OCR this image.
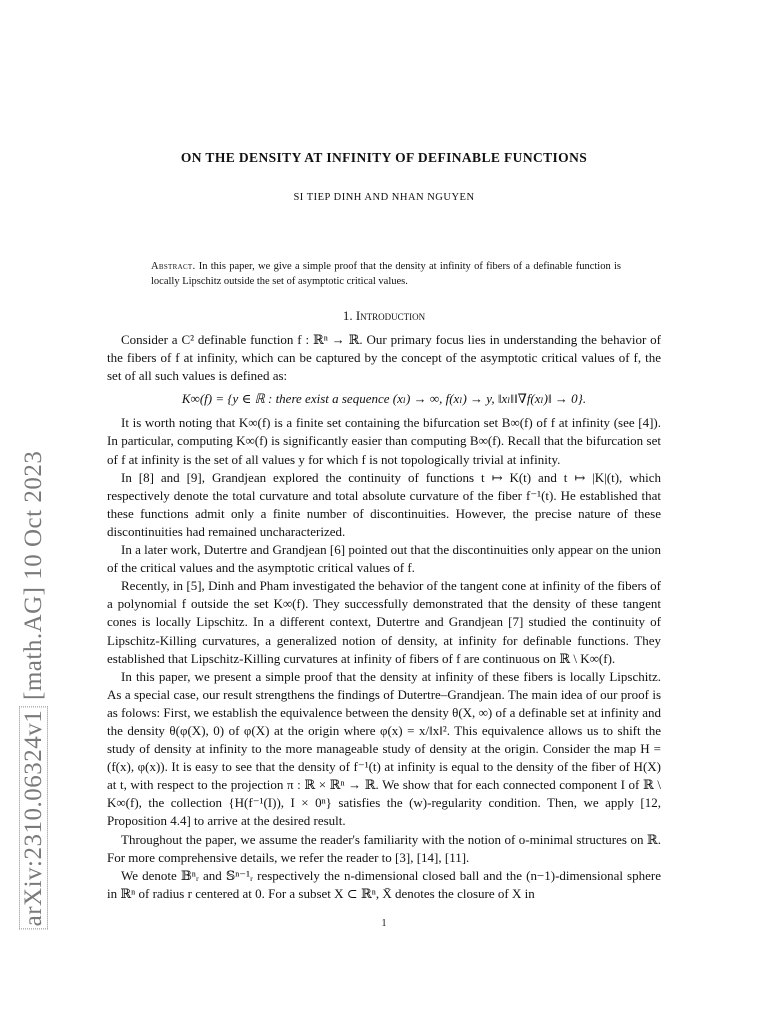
arXiv:2310.06324v1 [math.AG] 10 Oct 2023
ON THE DENSITY AT INFINITY OF DEFINABLE FUNCTIONS
SI TIEP DINH AND NHAN NGUYEN
Abstract. In this paper, we give a simple proof that the density at infinity of fibers of a definable function is locally Lipschitz outside the set of asymptotic critical values.
1. Introduction

Consider a C² definable function f : ℝⁿ → ℝ. Our primary focus lies in understanding the behavior of the fibers of f at infinity, which can be captured by the concept of the asymptotic critical values of f, the set of all such values is defined as:

K∞(f) = {y ∈ ℝ : there exist a sequence (xₗ) → ∞, f(xₗ) → y, ‖xₗ‖‖∇f(xₗ)‖ → 0}.

It is worth noting that K∞(f) is a finite set containing the bifurcation set B∞(f) of f at infinity (see [4]). In particular, computing K∞(f) is significantly easier than computing B∞(f). Recall that the bifurcation set of f at infinity is the set of all values y for which f is not topologically trivial at infinity.

In [8] and [9], Grandjean explored the continuity of functions t ↦ K(t) and t ↦ |K|(t), which respectively denote the total curvature and total absolute curvature of the fiber f⁻¹(t). He established that these functions admit only a finite number of discontinuities. However, the precise nature of these discontinuities had remained uncharacterized.

In a later work, Dutertre and Grandjean [6] pointed out that the discontinuities only appear on the union of the critical values and the asymptotic critical values of f.

Recently, in [5], Dinh and Pham investigated the behavior of the tangent cone at infinity of the fibers of a polynomial f outside the set K∞(f). They successfully demonstrated that the density of these tangent cones is locally Lipschitz. In a different context, Dutertre and Grandjean [7] studied the continuity of Lipschitz-Killing curvatures, a generalized notion of density, at infinity for definable functions. They established that Lipschitz-Killing curvatures at infinity of fibers of f are continuous on ℝ \ K∞(f).

In this paper, we present a simple proof that the density at infinity of these fibers is locally Lipschitz. As a special case, our result strengthens the findings of Dutertre–Grandjean. The main idea of our proof is as folows: First, we establish the equivalence between the density θ(X, ∞) of a definable set at infinity and the density θ(φ(X), 0) of φ(X) at the origin where φ(x) = x/‖x‖². This equivalence allows us to shift the study of density at infinity to the more manageable study of density at the origin. Consider the map H = (f(x), φ(x)). It is easy to see that the density of f⁻¹(t) at infinity is equal to the density of the fiber of H(X) at t, with respect to the projection π : ℝ × ℝⁿ → ℝ. We show that for each connected component I of ℝ \ K∞(f), the collection {H(f⁻¹(I)), I × 0ⁿ} satisfies the (w)-regularity condition. Then, we apply [12, Proposition 4.4] to arrive at the desired result.

Throughout the paper, we assume the reader's familiarity with the notion of o-minimal structures on ℝ. For more comprehensive details, we refer the reader to [3], [14], [11].

We denote 𝔹ⁿᵣ and 𝕊ⁿ⁻¹ᵣ respectively the n-dimensional closed ball and the (n−1)-dimensional sphere in ℝⁿ of radius r centered at 0. For a subset X ⊂ ℝⁿ, X̄ denotes the closure of X in

1
